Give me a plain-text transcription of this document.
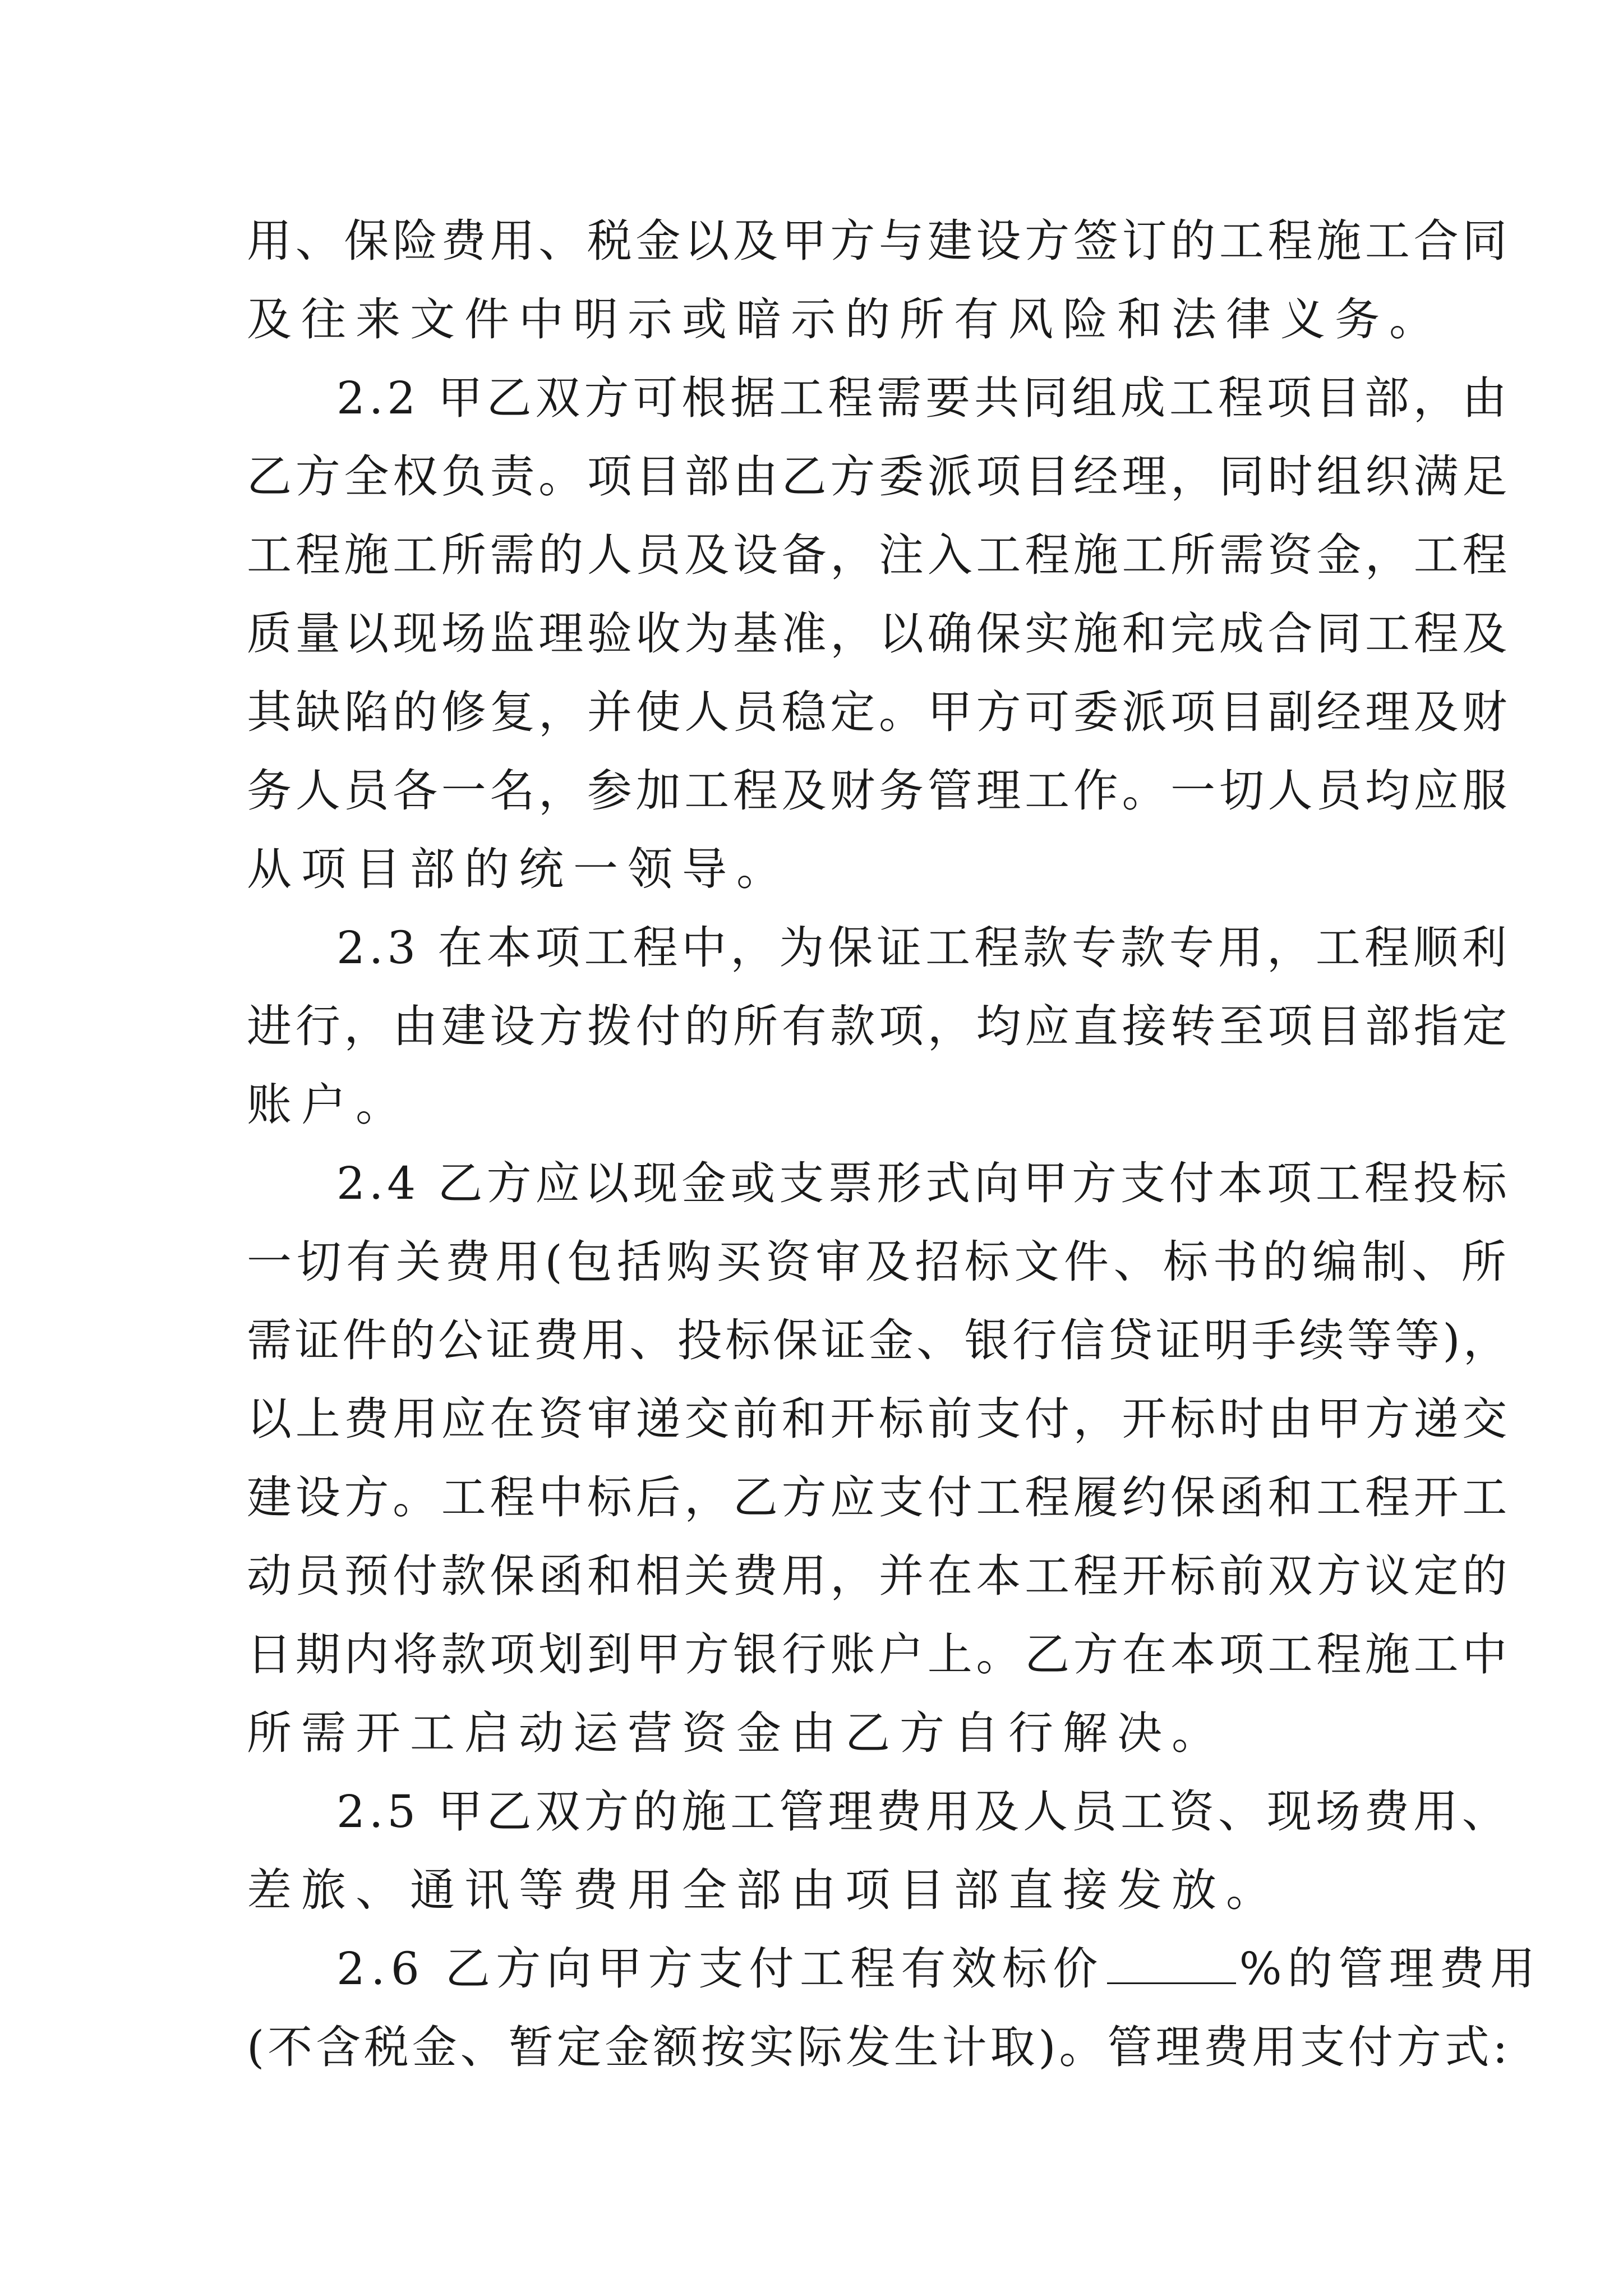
用、保险费用、税金以及甲方与建设方签订的工程施工合同
及往来文件中明示或暗示的所有风险和法律义务。
2.2 甲乙双方可根据工程需要共同组成工程项目部，由
乙方全权负责。项目部由乙方委派项目经理，同时组织满足
工程施工所需的人员及设备，注入工程施工所需资金，工程
质量以现场监理验收为基准，以确保实施和完成合同工程及
其缺陷的修复，并使人员稳定。甲方可委派项目副经理及财
务人员各一名，参加工程及财务管理工作。一切人员均应服
从项目部的统一领导。
2.3 在本项工程中，为保证工程款专款专用，工程顺利
进行，由建设方拨付的所有款项，均应直接转至项目部指定
账户。
2.4 乙方应以现金或支票形式向甲方支付本项工程投标
一切有关费用(包括购买资审及招标文件、标书的编制、所
需证件的公证费用、投标保证金、银行信贷证明手续等等)，
以上费用应在资审递交前和开标前支付，开标时由甲方递交
建设方。工程中标后，乙方应支付工程履约保函和工程开工
动员预付款保函和相关费用，并在本工程开标前双方议定的
日期内将款项划到甲方银行账户上。乙方在本项工程施工中
所需开工启动运营资金由乙方自行解决。
2.5 甲乙双方的施工管理费用及人员工资、现场费用、
差旅、通讯等费用全部由项目部直接发放。
2.6 乙方向甲方支付工程有效标价	%的管理费用
(不含税金、暂定金额按实际发生计取)。管理费用支付方式:
